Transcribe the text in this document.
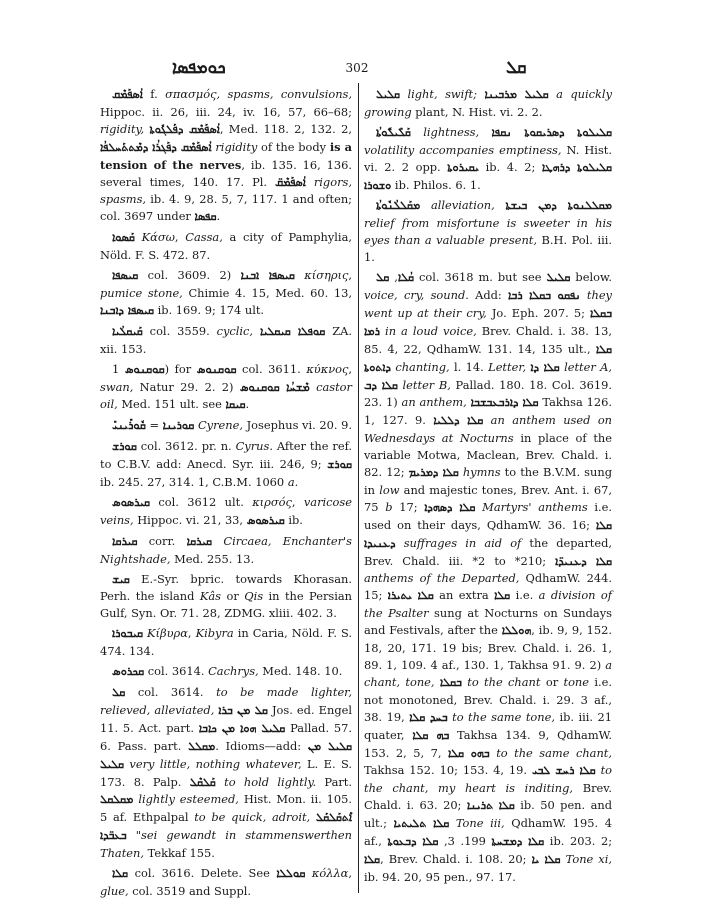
ܟܘܡܦܣܐ	302	ܩܠ

ܐܳܣܦܰܡܶܩ f. σπασμός, spasms, convulsions, Hippoc. ii. 26, iii. 24, iv. 16, 57, 66–68; rigidity, ܐܳܣܦܰܡܶܩ ܕܦܰܠܓܽܘܬܐ, Med. 118. 2, 132. 2, ܐܳܣܦܰܡܶܩ ܕܦܰܓܪܳܐ ܕܡܶܬܬܰܚܠܦܳܐ rigidity of the body is a tension of the nerves, ib. 135. 16, 136. several times, 140. 17. Pl. ܐܳܣܦܰܡܶܩ̈ rigors, spasms, ib. 4. 9, 28. 5, 7, 117. 1 and often; col. 3697 under ܩܦܣܐ.

ܩܰܣܘܐ Κάσω, Cassa, a city of Pamphylia, Nöld. F. S. 472. 87.

ܩܝܣܦܐ col. 3609. 2) ܩܝܣܦܐ ܐܒܢܐ κίσηρις, pumice stone, Chimie 4. 15, Med. 60. 13, ܩܝܣܦܐ ܕܐܒܢܐ ib. 169. 9; 174 ult.

ܩܰܝܩܠܳܝܐ col. 3559. cyclic, ܩܘܦܠܐ ܩܝܩܠܝܐ ZA. xii. 153.

ܩܘܩܢܘܣ 1) for ܩܘܩܢܘܣ col. 3611. κύκνος, swan, Natur 29. 2. 2) ܡܶܫܚܳܐ ܩܘܩܢܘܣ castor oil, Med. 151 ult. see ܩܝܩܐ.

ܩܘܪܝܢܐ = ܩܽܘܪܺܝܢܝܺ	Cyrene, Josephus vi. 20. 9.

ܩܘܪܫ col. 3612. pr. n. Cyrus. After the ref. to C.B.V. add: Anecd. Syr. iii. 246, 9; ܩܘܪܫ ib. 245. 27, 314. 1, C.B.M. 1060 a.

ܩܝܪܣܘܣ col. 3612 ult. κιρσός, varicose veins, Hippoc. vi. 21, 33, ܩܝܪܣܘܣ ib.

ܩܝܪܩܐ corr. ܩܝܪܩܐ Circaea, Enchanter's Nightshade, Med. 255. 13.

ܩܝܫ E.-Syr. bpric. towards Khorasan. Perh. the island Kâs or Qis in the Persian Gulf, Syn. Or. 71. 28, ZDMG. xliii. 402. 3.

ܩܝܒܘܪܐ Κίβυρα, Kibyra in Caria, Nöld. F. S. 474. 134.

ܩܟܪܘܣ col. 3614. Cachrys, Med. 148. 10.

ܩܠ col. 3614. to be made lighter, relieved, alleviated, ܩܠ ܡܢ ܒܪܐ Jos. ed. Engel 11. 5. Act. part. ܩܠܝܠ ܗܘܐ ܡܢ ܟܐܒܐ Pallad. 57. 6. Pass. part. ܡܩܠܠ. Idioms—add: ܩܠܝܠ ܡܢ ܩܠܝܠ very little, nothing whatever, L. E. S. 173. 8. Palp. ܩܰܠܩܶܠ to hold lightly. Part. ܡܩܠܩܠ lightly esteemed, Hist. Mon. ii. 105. 5 af. Ethpalpal to be quick, adroit, ܐܶܬܩܰܠܩܰܠ ܒܥܒ̈ܕܐ "sei gewandt in stammenswerthen Thaten, Tekkaf 155.

ܩܠܐ col. 3616. Delete. See ܩܘܠܠܐ κόλλα, glue, col. 3519 and Suppl.

ܩܠܝܠ light, swift; ܩܠܝܠ ܡܪܒܝܢܐ a quickly growing plant, N. Hist. vi. 2. 2.

ܩܰܠܺܝܠܽܘܬܳܐ lightness, ܩܠܝܠܘܬܐ ܕܣܪܝܩܘܬܐ ܢܩܦܐ volatility accompanies emptiness, N. Hist. vi. 2. 2 opp. ܝܩܝܪܘܬܐ ib. 4. 2; ܩܠܝܠܘܬܐ ܕܪܗܛܐ ܘܫܘܪܐ ib. Philos. 6. 1.

ܡܩܰܠܠܳܢܽܘܬܳܐ alleviation, ܡܩܠܠܢܘܬܐ ܕܡܢ ܒܝܫܬܐ relief from misfortune is sweeter in his eyes than a valuable present, B.H. Pol. iii. 1.

ܩܳܠܐ, ܩܠ col. 3618 m. but see ܩܠܝܠ below. voice, cry, sound. Add: ܢܦܩܘ ܒܩܠܐ ܪܒܐ they went up at their cry, Jo. Eph. 207. 5; ܒܩܠܐ ܪܡܐ in a loud voice, Brev. Chald. i. 38. 13, 85. 4, 22, QdhamW. 131. 14, 135 ult., ܩܠܐ ܕܐܬܘܬܐ chanting, l. 14. Letter, ܩܠܐ ܕܐ letter A, ܩܠܐ ܕܒ letter B, Pallad. 180. 18. Col. 3619. 23. 1) an anthem, ܩܠܐ ܕܐܪܒܥܒܫܒܐ Takhsa 126. 1, 127. 9. ܩܠܐ ܕܠܠܝܐ an anthem used on Wednesdays at Nocturns in place of the variable Motwa, Maclean, Brev. Chald. i. 82. 12; ܩܠܐ ܕܡܪܝܡ hymns to the B.V.M. sung in low and majestic tones, Brev. Ant. i. 67, 75 b 17; ܩܠܐ ܕܣܗܕܐ Martyrs' anthems i.e. used on their days, QdhamW. 36. 16; ܩܠܐ ܕܥܢܝܕܐ suffrages in aid of the departed, Brev. Chald. iii. *2 to *210; ܩܠܐ ܕܥܢܝܕ̈ܐ anthems of the Departed, QdhamW. 244. 15; ܩܠܐ ܝܬܝܪܐ an extra ܩܠܐ i.e. a division of the Psalter sung at Nocturns on Sundays and Festivals, after the ܗܘܠܠܐ, ib. 9, 9, 152. 18, 20, 171. 19 bis; Brev. Chald. i. 26. 1, 89. 1, 109. 4 af., 130. 1, Takhsa 91. 9. 2) a chant, tone, ܒܩܠܐ to the chant or tone i.e. not monotoned, Brev. Chald. i. 29. 3 af., 38. 19, ܒܚܕ ܩܠܐ to the same tone, ib. iii. 21 quater, ܒܗ ܩܠܐ Takhsa 134. 9, QdhamW. 153. 2, 5, 7, ܒܗܘ ܩܠܐ to the same chant, Takhsa 152. 10; 153. 4, 19. ܩܠܐ ܪܚܫ ܠܒܝ to the chant, my heart is inditing, Brev. Chald. i. 63. 20; ܩܠܐ ܬܪܝܢܐ ib. 50 pen. and ult.; ܩܠܐ ܬܠܝܬܝܐ Tone iii, QdhamW. 195. 4 af.,	ܩܠܐ ܕܡܫܚܬܐ 199. 3, ܩܠܐ ܕܒܥܘܬܐ	ib. 203. 2; ܩܠܐ, Brev. Chald. i. 108. 20; ܩܠܐ ܝܐ Tone xi, ib. 94. 20, 95 pen., 97. 17.
